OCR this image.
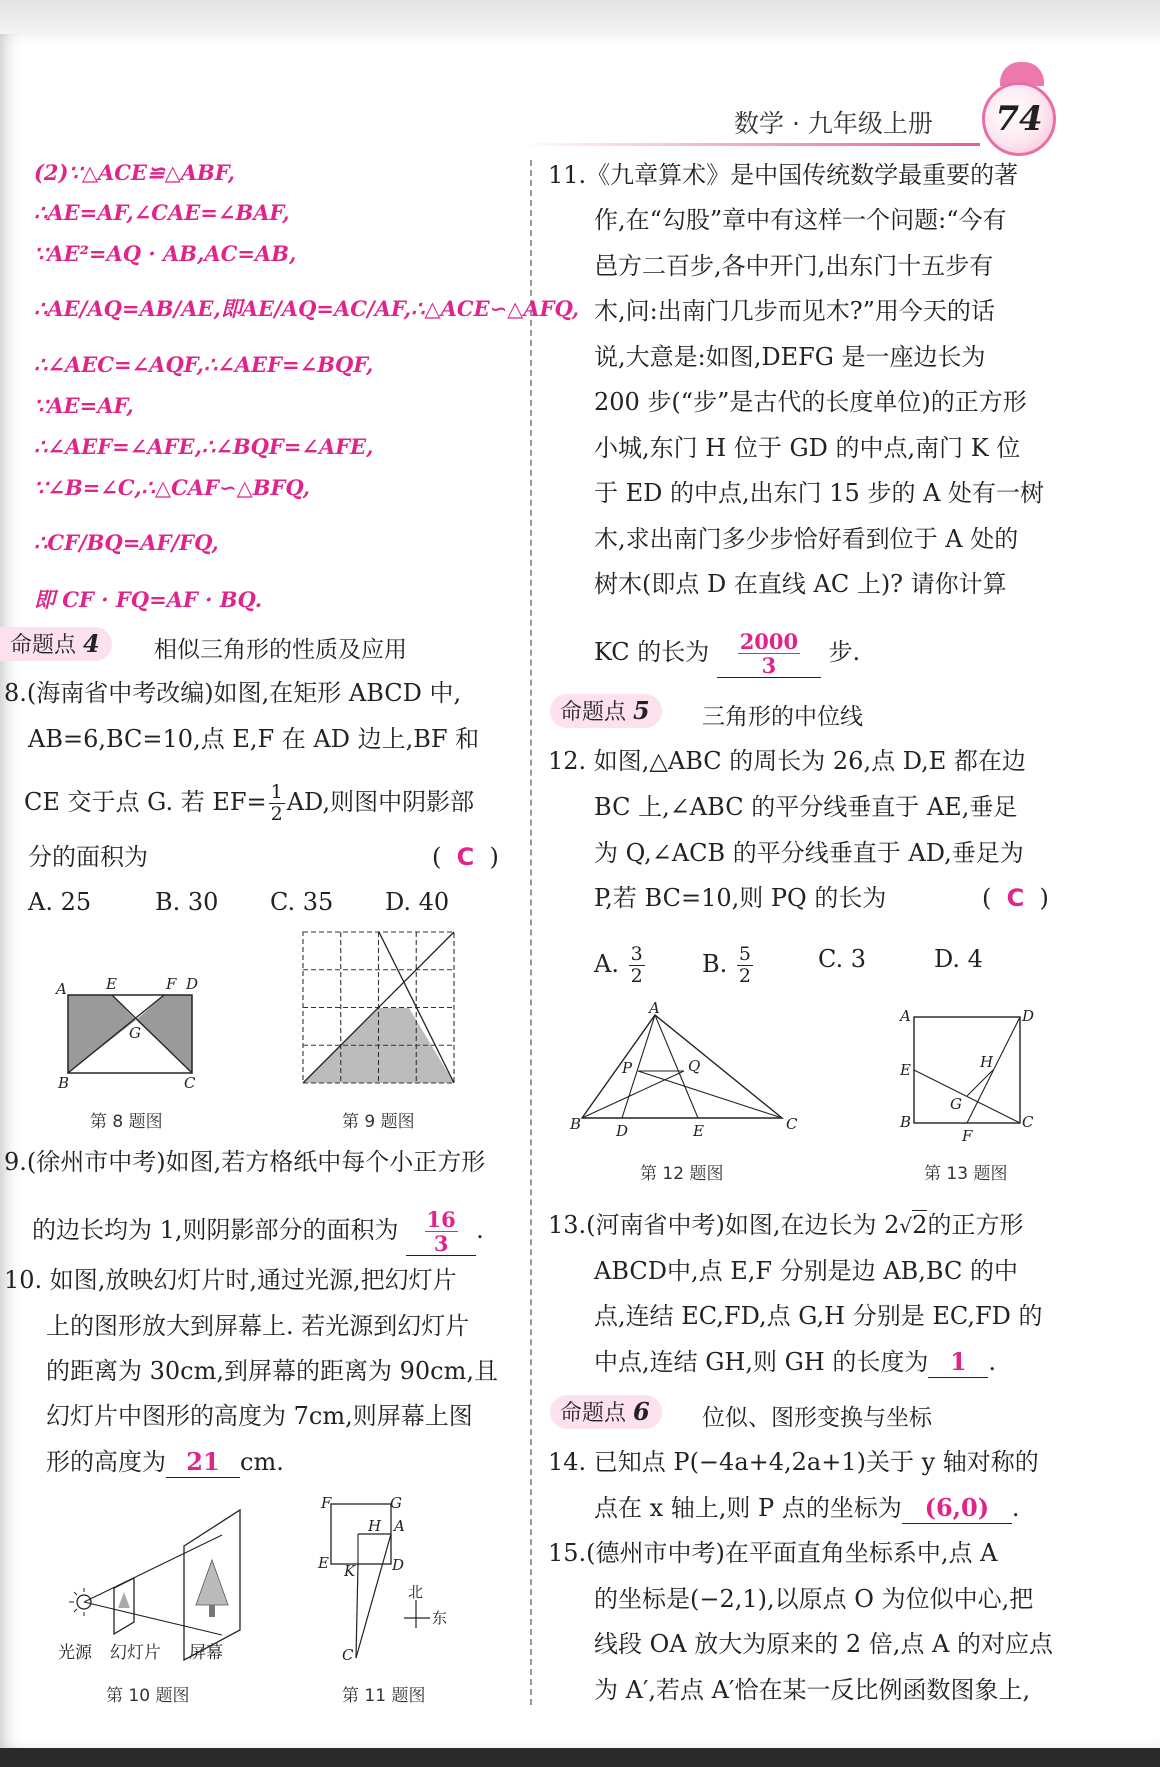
数学 · 九年级上册	74
(2)∵△ACE≌△ABF,
∴AE=AF,∠CAE=∠BAF,
∵AE²=AQ · AB,AC=AB,
∴AE/AQ=AB/AE,即AE/AQ=AC/AF,∴△ACE∽△AFQ,
∴∠AEC=∠AQF,∴∠AEF=∠BQF,
∵AE=AF,
∴∠AEF=∠AFE,∴∠BQF=∠AFE,
∵∠B=∠C,∴△CAF∽△BFQ,
∴CF/BQ=AF/FQ,
即 CF · FQ=AF · BQ.
命题点 4	相似三角形的性质及应用
8.(海南省中考改编)如图,在矩形 ABCD 中,
AB=6,BC=10,点 E,F 在 AD 边上,BF 和
CE 交于点 G. 若 $EF= \frac{1}{2}$ AD,则图中阴影部
分的面积为	(  C  )
A. 25	B. 30 C. 35 D. 40
A	E	F D
G
B	C
第 8 题图	第 9 题图
9.(徐州市中考)如图,若方格纸中每个小正方形
的边长均为 1,则阴影部分的面积为 $\frac{16}{3}$ .
10. 如图,放映幻灯片时,通过光源,把幻灯片
上的图形放大到屏幕上. 若光源到幻灯片
的距离为 30cm,到屏幕的距离为 90cm,且
幻灯片中图形的高度为 7cm,则屏幕上图
形的高度为 21 cm.
光源 幻灯片 屏幕
第 10 题图
F	G
H A
E K D
C
北
东
第 11 题图
11.《九章算术》是中国传统数学最重要的著
作,在“勾股”章中有这样一个问题:“今有
邑方二百步,各中开门,出东门十五步有
木,问:出南门几步而见木?”用今天的话
说,大意是:如图,DEFG 是一座边长为
200 步(“步”是古代的长度单位)的正方形
小城,东门 H 位于 GD 的中点,南门 K 位
于 ED 的中点,出东门 15 步的 A 处有一树
木,求出南门多少步恰好看到位于 A 处的
树木(即点 D 在直线 AC 上)? 请你计算
KC 的长为 $\frac{2000}{3}$ 步.
命题点 5	三角形的中位线
12. 如图,△ABC 的周长为 26,点 D,E 都在边
BC 上,∠ABC 的平分线垂直于 AE,垂足
为 Q,∠ACB 的平分线垂直于 AD,垂足为
P,若 BC=10,则 PQ 的长为	(  C  )
A. $\frac{3}{2} B$. $\frac{5}{2}$	C. 3	D. 4
A
P	Q
B D	E	C
第 12 题图
A	D
E	H
G
B
F
C
第 13 题图
13.(河南省中考)如图,在边长为 2√2的正方形
ABCD中,点 E,F 分别是边 AB,BC 的中
点,连结 EC,FD,点 G,H 分别是 EC,FD 的
中点,连结 GH,则 GH 的长度为 1 .
命题点 6	位似、图形变换与坐标
14. 已知点 P(−4a+4,2a+1)关于 y 轴对称的
点在 x 轴上,则 P 点的坐标为 (6,0) .
15.(德州市中考)在平面直角坐标系中,点 A
的坐标是(−2,1),以原点 O 为位似中心,把
线段 OA 放大为原来的 2 倍,点 A 的对应点
为 A′,若点 A′恰在某一反比例函数图象上,
